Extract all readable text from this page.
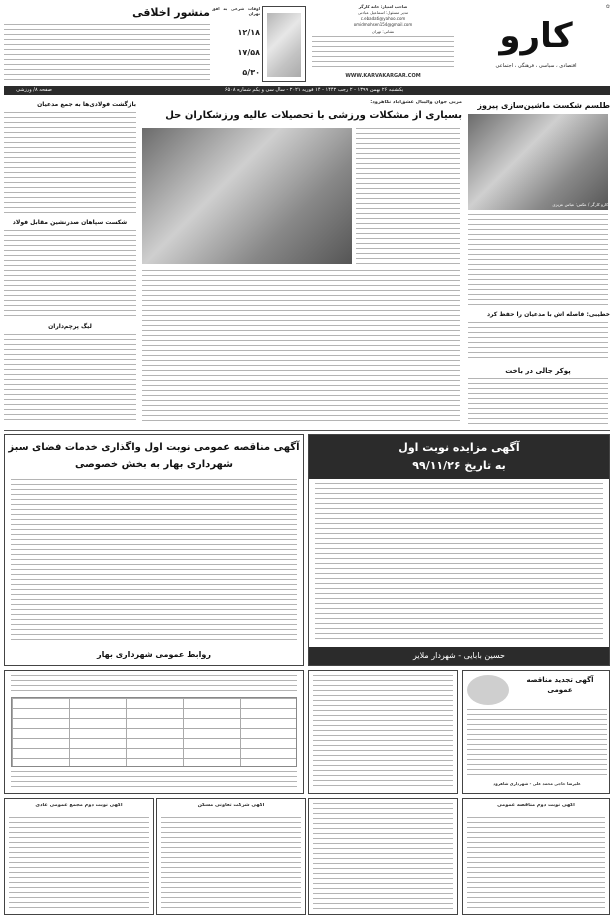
کارو
اقتصادی ، سیاسی ، فرهنگی ، اجتماعی
✿
صاحب امتیاز: خانه کارگر
مدیر مسئول: اسماعیل عبادتی
c.ebadati@yahoo.com
omidmohsen154@gmail.com
نشانی: تهران
WWW.KARVAKARGAR.COM
اوقات شرعی به افق تهران
۱۲/۱۸
۱۷/۵۸
۵/۳۰
منشور اخلاقی
صفحه ۸/ ورزشی	یکشنبه ۲۶ بهمن ۱۳۹۹ - ۲ رجب ۱۴۴۲ - ۱۴ فوریه ۲۰۲۱ - سال سی و یکم شماره ۶۵۰۸
طلسم شکست ماشین‌سازی پیروز
کارو کارگر / عکس: عباس عزیزی
خطیبی: فاصله اش با مدعیان را حفظ کرد
پوکر جالی در باخت
مربی جوان والیبال عشق‌آباد نکاهرود:
بسیاری از مشکلات ورزشی با تحصیلات عالیه ورزشکاران حل
بازگشت فولادی‌ها به جمع مدعیان
شکست سپاهان صدرنشین مقابل فولاد
لیگ پرچم‌داران
آگهی مناقصه عمومی نوبت اول واگذاری خدمات فضای سبز شهرداری بهار به بخش خصوصی
روابط عمومی شهرداری بهار
آگهی مزایده نوبت اول
به تاریخ ۹۹/۱۱/۲۶
حسین بابایی - شهردار ملایر
آگهی تجدید مناقصه عمومی
علیرضا حاجی محمد علی - شهرداری شاهرود
آگهی نوبت دوم مجمع عمومی عادی	آگهی شرکت تعاونی مسکن	آگهی نوبت دوم مناقصه عمومی
